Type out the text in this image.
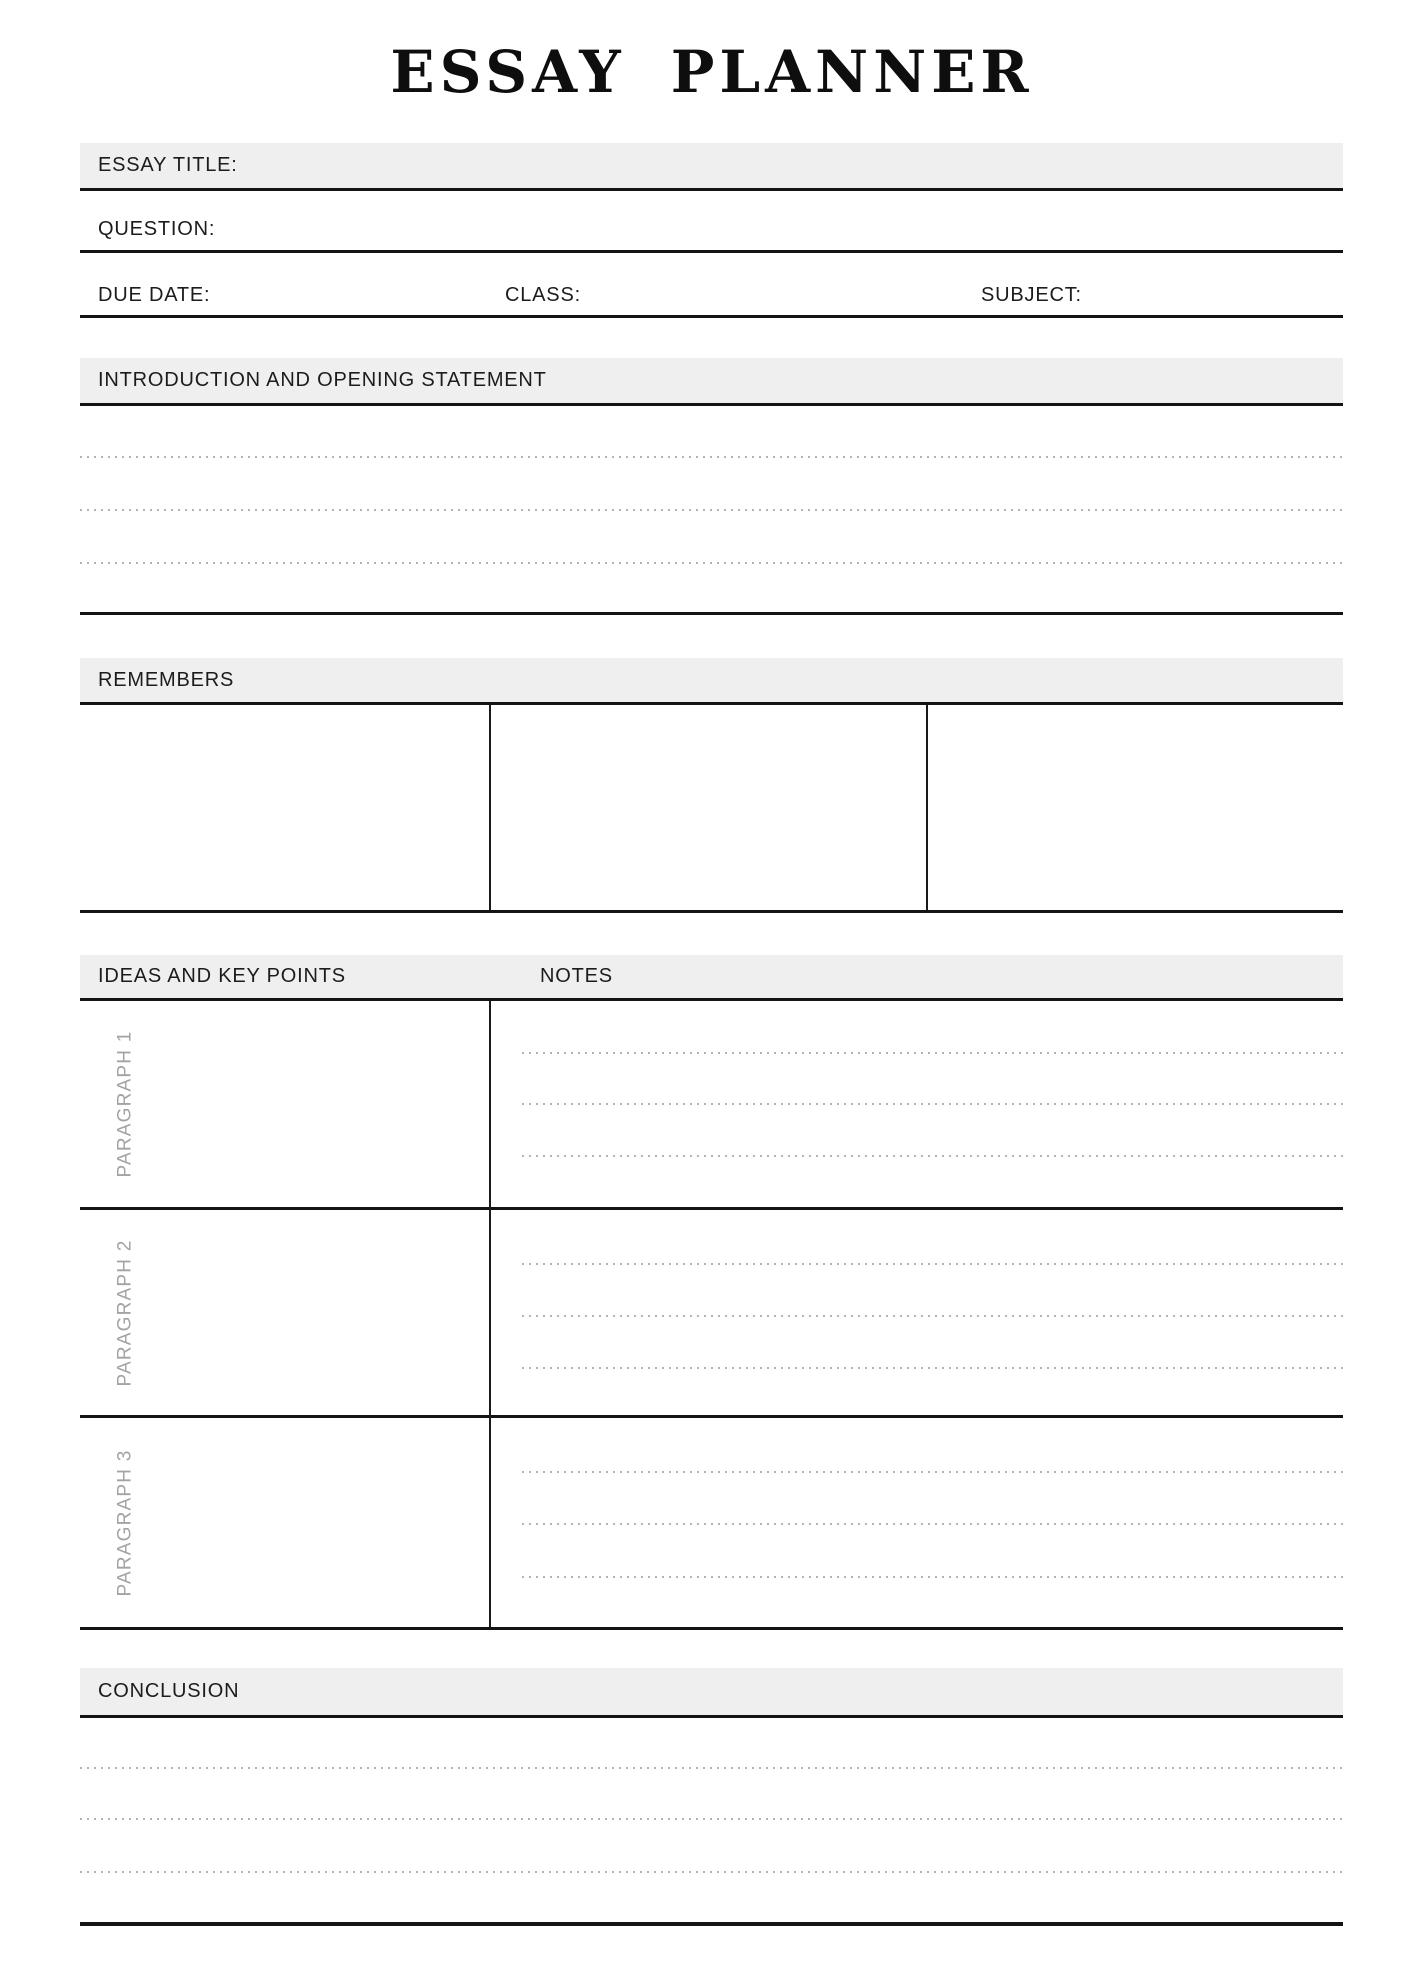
ESSAY PLANNER
ESSAY TITLE:
QUESTION:
DUE DATE:	CLASS:	SUBJECT:
INTRODUCTION AND OPENING STATEMENT
REMEMBERS
IDEAS AND KEY POINTS	NOTES
PARAGRAPH 1
PARAGRAPH 2
PARAGRAPH 3
CONCLUSION
